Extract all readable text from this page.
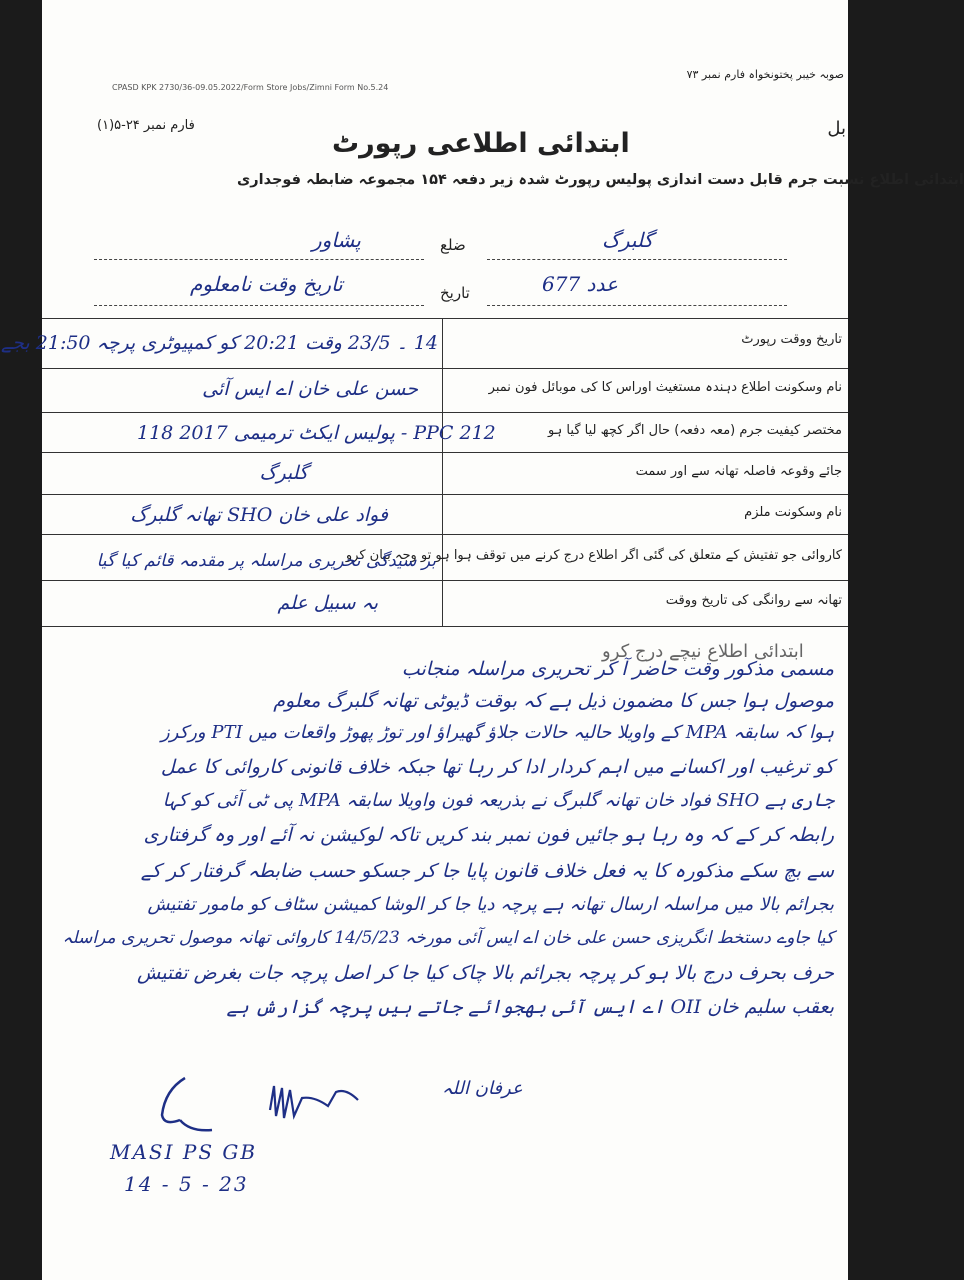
CPASD KPK 2730/36-09.05.2022/Form Store Jobs/Zimni Form No.5.24
صوبہ خیبر پختونخواہ فارم نمبر ۷۳
بل
فارم نمبر ۲۴-۵(۱)
ابتدائی اطلاعی رپورٹ
ابتدائی اطلاع نسبت جرم قابل دست اندازی پولیس رپورٹ شدہ زیر دفعہ ۱۵۴ مجموعہ ضابطہ فوجداری
گلبرگ
ضلع
پشاور
عدد 677
تاریخ
تاریخ وقت نامعلوم
تاریخ ووقت رپورٹ
نام وسکونت اطلاع دہندہ مستغیث اوراس کا کی موبائل فون نمبر
مختصر کیفیت جرم (معہ دفعہ) حال اگر کچھ لیا گیا ہو
جائے وقوعہ فاصلہ تھانہ سے اور سمت
نام وسکونت ملزم
کاروائی جو تفتیش کے متعلق کی گئی اگر اطلاع درج کرنے میں توقف ہوا ہو تو وجہ بیان کرو
تھانہ سے روانگی کی تاریخ ووقت
14 ۔ 23/5 وقت 20:21 کو کمپیوٹری پرچہ 21:50 بجے
حسن علی خان اے ایس آئی
118 پولیس ایکٹ ترمیمی 2017 - PPC 212
گلبرگ
فواد علی خان SHO تھانہ گلبرگ
بر سیدگی تحریری مراسلہ پر مقدمہ قائم کیا گیا
بہ سبیل علم
ابتدائی اطلاع نیچے درج کرو
مسمی مذکور وقت حاضر آ کر تحریری مراسلہ منجانب
موصول ہوا جس کا مضمون ذیل ہے کہ بوقت ڈیوٹی تھانہ گلبرگ معلوم
ہوا کہ سابقہ MPA کے واویلا حالیہ حالات جلاؤ گھیراؤ اور توڑ پھوڑ واقعات میں PTI ورکرز
کو ترغیب اور اکسانے میں اہم کردار ادا کر رہا تھا جبکہ خلاف قانونی کاروائی کا عمل
جاری ہے SHO فواد خان تھانہ گلبرگ نے بذریعہ فون واویلا سابقہ MPA پی ٹی آئی کو کہا
رابطہ کر کے کہ وہ رہا ہو جائیں فون نمبر بند کریں تاکہ لوکیشن نہ آئے اور وہ گرفتاری
سے بچ سکے مذکورہ کا یہ فعل خلاف قانون پایا جا کر جسکو حسب ضابطہ گرفتار کر کے
بجرائم بالا میں مراسلہ ارسال تھانہ ہے پرچہ دیا جا کر الوشا کمیشن سٹاف کو مامور تفتیش
کیا جاوے دستخط انگریزی حسن علی خان اے ایس آئی مورخہ 14/5/23 کاروائی تھانہ موصول تحریری مراسلہ
حرف بحرف درج بالا ہو کر پرچہ بجرائم بالا چاک کیا جا کر اصل پرچہ جات بغرض تفتیش
بعقب سلیم خان OII اے ایس آئی بھجوائے جاتے ہیں پرچہ گزارش ہے
عرفان اللہ
MASI PS GB
14 - 5 - 23
